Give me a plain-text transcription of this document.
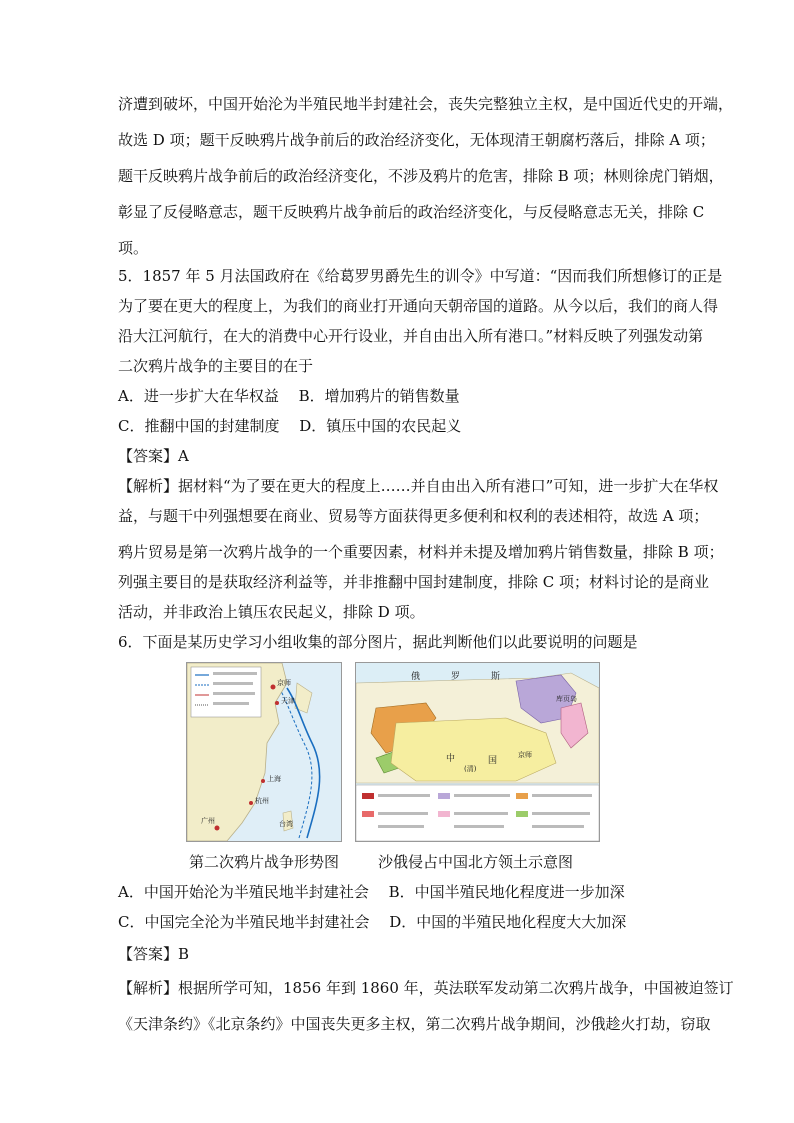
济遭到破坏，中国开始沦为半殖民地半封建社会，丧失完整独立主权，是中国近代史的开端，
故选 D 项；题干反映鸦片战争前后的政治经济变化，无体现清王朝腐朽落后，排除 A 项；
题干反映鸦片战争前后的政治经济变化，不涉及鸦片的危害，排除 B 项；林则徐虎门销烟，
彰显了反侵略意志，题干反映鸦片战争前后的政治经济变化，与反侵略意志无关，排除 C
项。
5．1857 年 5 月法国政府在《给葛罗男爵先生的训令》中写道：“因而我们所想修订的正是
为了要在更大的程度上，为我们的商业打开通向天朝帝国的道路。从今以后，我们的商人得
沿大江河航行，在大的消费中心开行设业，并自由出入所有港口。”材料反映了列强发动第
二次鸦片战争的主要目的在于
A．进一步扩大在华权益　 B．增加鸦片的销售数量
C．推翻中国的封建制度　 D．镇压中国的农民起义
【答案】A
【解析】据材料“为了要在更大的程度上……并自由出入所有港口”可知，进一步扩大在华权
益，与题干中列强想要在商业、贸易等方面获得更多便利和权利的表述相符，故选 A 项；
鸦片贸易是第一次鸦片战争的一个重要因素，材料并未提及增加鸦片销售数量，排除 B 项；
列强主要目的是获取经济利益等，并非推翻中国封建制度，排除 C 项；材料讨论的是商业
活动，并非政治上镇压农民起义，排除 D 项。
6．下面是某历史学习小组收集的部分图片，据此判断他们以此要说明的问题是
A．中国开始沦为半殖民地半封建社会　 B．中国半殖民地化程度进一步加深
C．中国完全沦为半殖民地半封建社会　 D．中国的半殖民地化程度大大加深
【答案】B
【解析】根据所学可知，1856 年到 1860 年，英法联军发动第二次鸦片战争，中国被迫签订
《天津条约》《北京条约》中国丧失更多主权，第二次鸦片战争期间，沙俄趁火打劫，窃取
京师
天津
上海
杭州
广州	台湾
俄	罗	斯
中	国
京师
库页岛
(清)
第二次鸦片战争形势图	沙俄侵占中国北方领土示意图
